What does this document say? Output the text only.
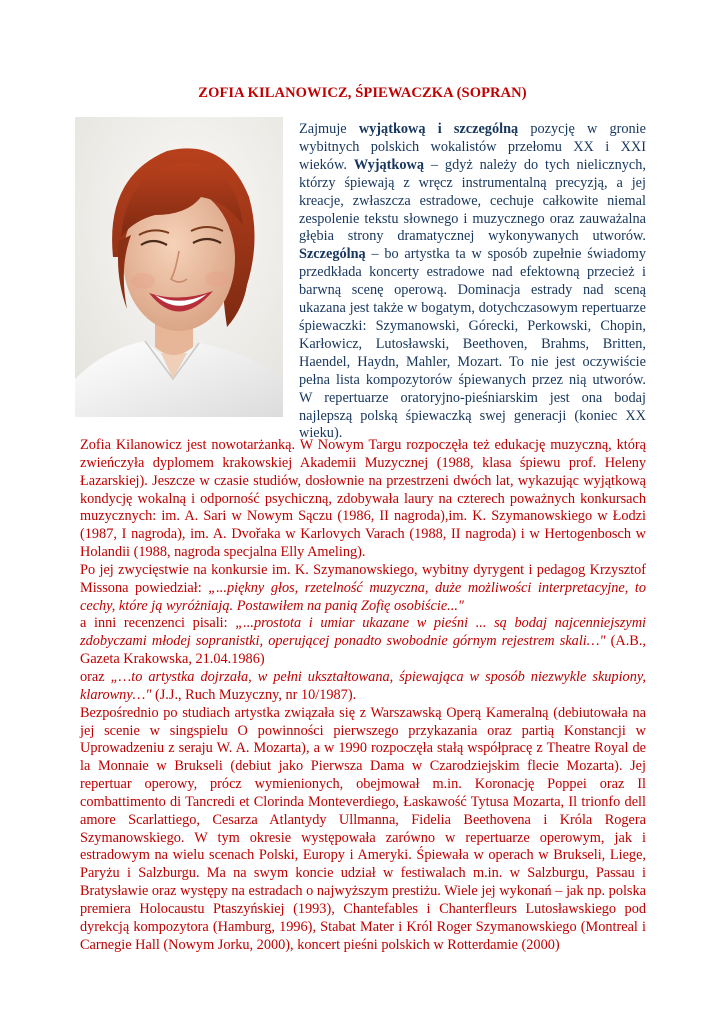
ZOFIA KILANOWICZ, ŚPIEWACZKA (SOPRAN)
Zajmuje wyjątkową i szczególną pozycję w gronie wybitnych polskich wokalistów przełomu XX i XXI wieków. Wyjątkową – gdyż należy do tych nielicznych, którzy śpiewają z wręcz instrumentalną precyzją, a jej kreacje, zwłaszcza estradowe, cechuje całkowite niemal zespolenie tekstu słownego i muzycznego oraz zauważalna głębia strony dramatycznej wykonywanych utworów. Szczególną – bo artystka ta w sposób zupełnie świadomy przedkłada koncerty estradowe nad efektowną przecież i barwną scenę operową. Dominacja estrady nad sceną ukazana jest także w bogatym, dotychczasowym repertuarze śpiewaczki: Szymanowski, Górecki, Perkowski, Chopin, Karłowicz, Lutosławski, Beethoven, Brahms, Britten, Haendel, Haydn, Mahler, Mozart. To nie jest oczywiście pełna lista kompozytorów śpiewanych przez nią utworów. W repertuarze oratoryjno-pieśniarskim jest ona bodaj najlepszą polską śpiewaczką swej generacji (koniec XX wieku).

Zofia Kilanowicz jest nowotarżanką. W Nowym Targu rozpoczęła też edukację muzyczną, którą zwieńczyła dyplomem krakowskiej Akademii Muzycznej (1988, klasa śpiewu prof. Heleny Łazarskiej). Jeszcze w czasie studiów, dosłownie na przestrzeni dwóch lat, wykazując wyjątkową kondycję wokalną i odporność psychiczną, zdobywała laury na czterech poważnych konkursach muzycznych: im. A. Sari w Nowym Sączu (1986, II nagroda),im. K. Szymanowskiego w Łodzi (1987, I nagroda), im. A. Dvořaka w Karlovych Varach (1988, II nagroda) i w Hertogenbosch w Holandii (1988, nagroda specjalna Elly Ameling).

Po jej zwycięstwie na konkursie im. K. Szymanowskiego, wybitny dyrygent i pedagog Krzysztof Missona powiedział: „...piękny głos, rzetelność muzyczna, duże możliwości interpretacyjne, to cechy, które ją wyróżniają. Postawiłem na panią Zofię osobiście..."

a inni recenzenci pisali: „...prostota i umiar ukazane w pieśni ... są bodaj najcenniejszymi zdobyczami młodej sopranistki, operującej ponadto swobodnie górnym rejestrem skali…" (A.B., Gazeta Krakowska, 21.04.1986)

oraz „…to artystka dojrzała, w pełni ukształtowana, śpiewająca w sposób niezwykle skupiony, klarowny…" (J.J., Ruch Muzyczny, nr 10/1987).

Bezpośrednio po studiach artystka związała się z Warszawską Operą Kameralną (debiutowała na jej scenie w singspielu O powinności pierwszego przykazania oraz partią Konstancji w Uprowadzeniu z seraju W. A. Mozarta), a w 1990 rozpoczęła stałą współpracę z Theatre Royal de la Monnaie w Brukseli (debiut jako Pierwsza Dama w Czarodziejskim flecie Mozarta). Jej repertuar operowy, prócz wymienionych, obejmował m.in. Koronację Poppei oraz Il combattimento di Tancredi et Clorinda Monteverdiego, Łaskawość Tytusa Mozarta, Il trionfo dell amore Scarlattiego, Cesarza Atlantydy Ullmanna, Fidelia Beethovena i Króla Rogera Szymanowskiego. W tym okresie występowała zarówno w repertuarze operowym, jak i estradowym na wielu scenach Polski, Europy i Ameryki. Śpiewała w operach w Brukseli, Liege, Paryżu i Salzburgu. Ma na swym koncie udział w festiwalach m.in. w Salzburgu, Passau i Bratysławie oraz występy na estradach o najwyższym prestiżu. Wiele jej wykonań – jak np. polska premiera Holocaustu Ptaszyńskiej (1993), Chantefables i Chanterfleurs Lutosławskiego pod dyrekcją kompozytora (Hamburg, 1996), Stabat Mater i Król Roger Szymanowskiego (Montreal i Carnegie Hall (Nowym Jorku, 2000), koncert pieśni polskich w Rotterdamie (2000)
